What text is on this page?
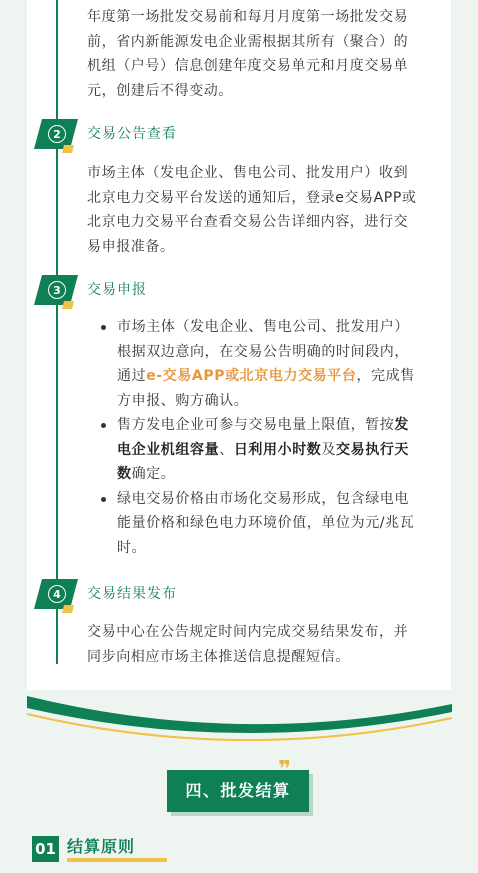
年度第一场批发交易前和每月月度第一场批发交易
前，省内新能源发电企业需根据其所有（聚合）的
机组（户号）信息创建年度交易单元和月度交易单
元，创建后不得变动。

2	交易公告查看

市场主体（发电企业、售电公司、批发用户）收到
北京电力交易平台发送的通知后，登录e交易APP或
北京电力交易平台查看交易公告详细内容，进行交
易申报准备。

3	交易申报
市场主体（发电企业、售电公司、批发用户）
根据双边意向，在交易公告明确的时间段内，
通过e-交易APP或北京电力交易平台，完成售
方申报、购方确认。
售方发电企业可参与交易电量上限值，暂按发
电企业机组容量、日利用小时数及交易执行天
数确定。
绿电交易价格由市场化交易形成，包含绿电电
能量价格和绿色电力环境价值，单位为元/兆瓦
时。
4	交易结果发布

交易中心在公告规定时间内完成交易结果发布，并
同步向相应市场主体推送信息提醒短信。

四、批发结算
❞
01 结算原则
